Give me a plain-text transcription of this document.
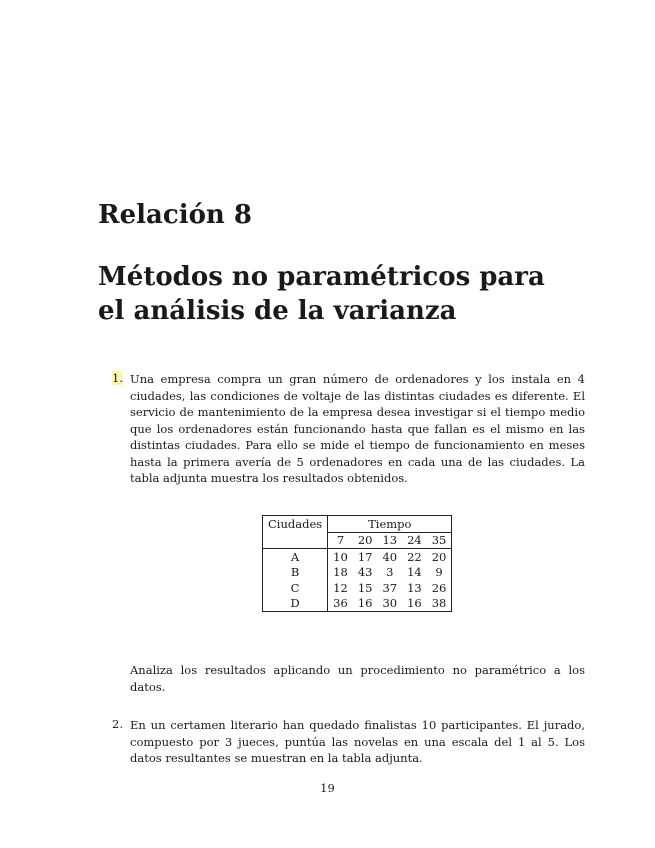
Relación 8
Métodos no paramétricos para el análisis de la varianza
1. Una empresa compra un gran número de ordenadores y los instala en 4 ciudades, las condiciones de voltaje de las distintas ciudades es diferente. El servicio de mantenimiento de la empresa desea investigar si el tiempo medio que los ordenadores están funcionando hasta que fallan es el mismo en las distintas ciudades. Para ello se mide el tiempo de funcionamiento en meses hasta la primera avería de 5 ordenadores en cada una de las ciudades. La tabla adjunta muestra los resultados obtenidos.

Ciudades	Tiempo				
	7	20	13	24	35
A	10	17	40	22	20
B	18	43	3	14	9
C	12	15	37	13	26
D	36	16	30	16	38

Analiza los resultados aplicando un procedimiento no paramétrico a los datos.

2. En un certamen literario han quedado finalistas 10 participantes. El jurado, compuesto por 3 jueces, puntúa las novelas en una escala del 1 al 5. Los datos resultantes se muestran en la tabla adjunta.

19
